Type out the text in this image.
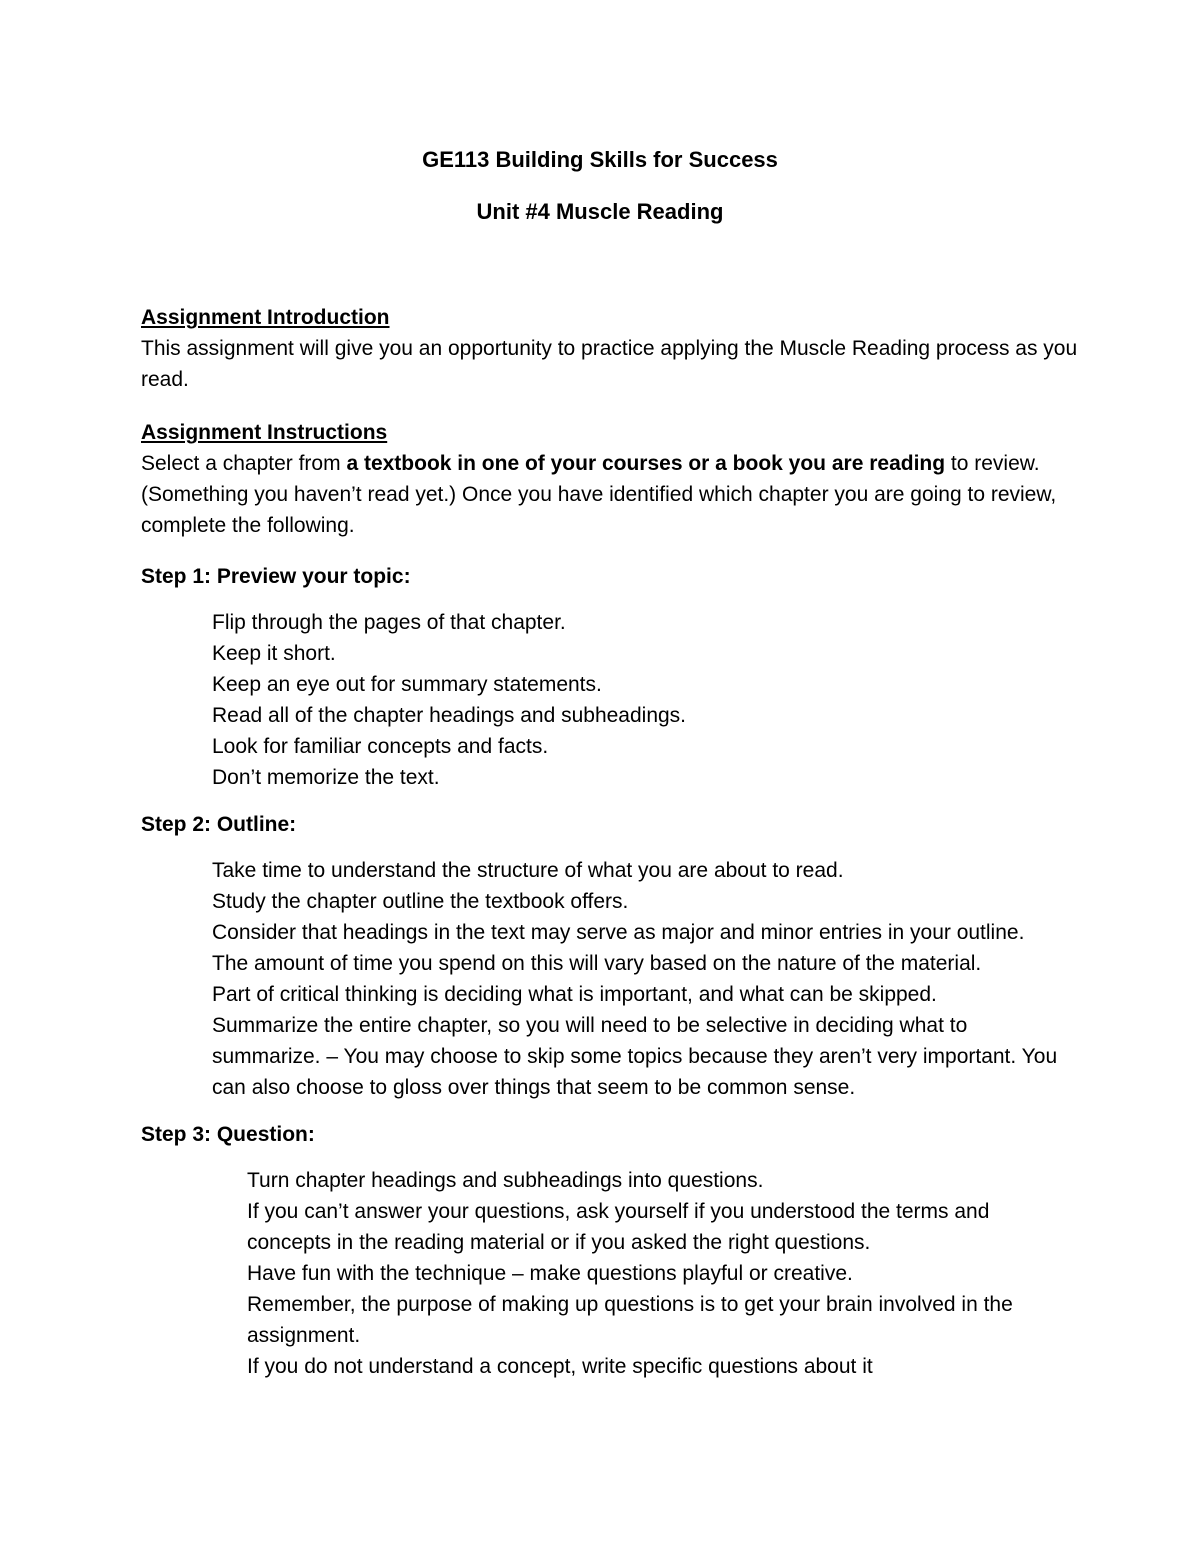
GE113 Building Skills for Success
Unit #4 Muscle Reading
Assignment Introduction

This assignment will give you an opportunity to practice applying the Muscle Reading process as you read.

Assignment Instructions

Select a chapter from a textbook in one of your courses or a book you are reading to review. (Something you haven’t read yet.) Once you have identified which chapter you are going to review, complete the following.

Step 1: Preview your topic:
Flip through the pages of that chapter.
Keep it short.
Keep an eye out for summary statements.
Read all of the chapter headings and subheadings.
Look for familiar concepts and facts.
Don’t memorize the text.
Step 2: Outline:
Take time to understand the structure of what you are about to read.
Study the chapter outline the textbook offers.
Consider that headings in the text may serve as major and minor entries in your outline.
The amount of time you spend on this will vary based on the nature of the material.
Part of critical thinking is deciding what is important, and what can be skipped.
Summarize the entire chapter, so you will need to be selective in deciding what to summarize. – You may choose to skip some topics because they aren’t very important. You can also choose to gloss over things that seem to be common sense.
Step 3: Question:
Turn chapter headings and subheadings into questions.
If you can’t answer your questions, ask yourself if you understood the terms and concepts in the reading material or if you asked the right questions.
Have fun with the technique – make questions playful or creative.
Remember, the purpose of making up questions is to get your brain involved in the assignment.
If you do not understand a concept, write specific questions about it
